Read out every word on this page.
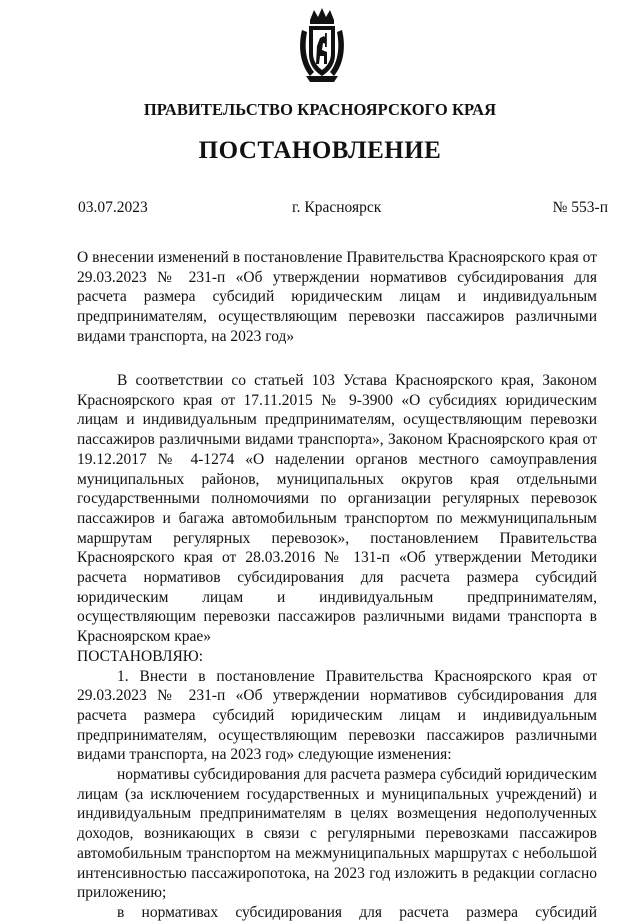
ПРАВИТЕЛЬСТВО КРАСНОЯРСКОГО КРАЯ
ПОСТАНОВЛЕНИЕ
03.07.2023	г. Красноярск	№ 553-п
О внесении изменений в постановление Правительства Красноярского края от 29.03.2023 № 231-п «Об утверждении нормативов субсидирования для расчета размера субсидий юридическим лицам и индивидуальным предпринимателям, осуществляющим перевозки пассажиров различными видами транспорта, на 2023 год»

В соответствии со статьей 103 Устава Красноярского края, Законом Красноярского края от 17.11.2015 № 9-3900 «О субсидиях юридическим лицам и индивидуальным предпринимателям, осуществляющим перевозки пассажиров различными видами транспорта», Законом Красноярского края от 19.12.2017 № 4-1274 «О наделении органов местного самоуправления муниципальных районов, муниципальных округов края отдельными государственными полномочиями по организации регулярных перевозок пассажиров и багажа автомобильным транспортом по межмуниципальным маршрутам регулярных перевозок», постановлением Правительства Красноярского края от 28.03.2016 № 131-п «Об утверждении Методики расчета нормативов субсидирования для расчета размера субсидий юридическим лицам и индивидуальным предпринимателям, осуществляющим перевозки пассажиров различными видами транспорта в Красноярском крае»

ПОСТАНОВЛЯЮ:

1. Внести в постановление Правительства Красноярского края от 29.03.2023 № 231-п «Об утверждении нормативов субсидирования для расчета размера субсидий юридическим лицам и индивидуальным предпринимателям, осуществляющим перевозки пассажиров различными видами транспорта, на 2023 год» следующие изменения:

нормативы субсидирования для расчета размера субсидий юридическим лицам (за исключением государственных и муниципальных учреждений) и индивидуальным предпринимателям в целях возмещения недополученных доходов, возникающих в связи с регулярными перевозками пассажиров автомобильным транспортом на межмуниципальных маршрутах с небольшой интенсивностью пассажиропотока, на 2023 год изложить в редакции согласно приложению;

в нормативах субсидирования для расчета размера субсидий
